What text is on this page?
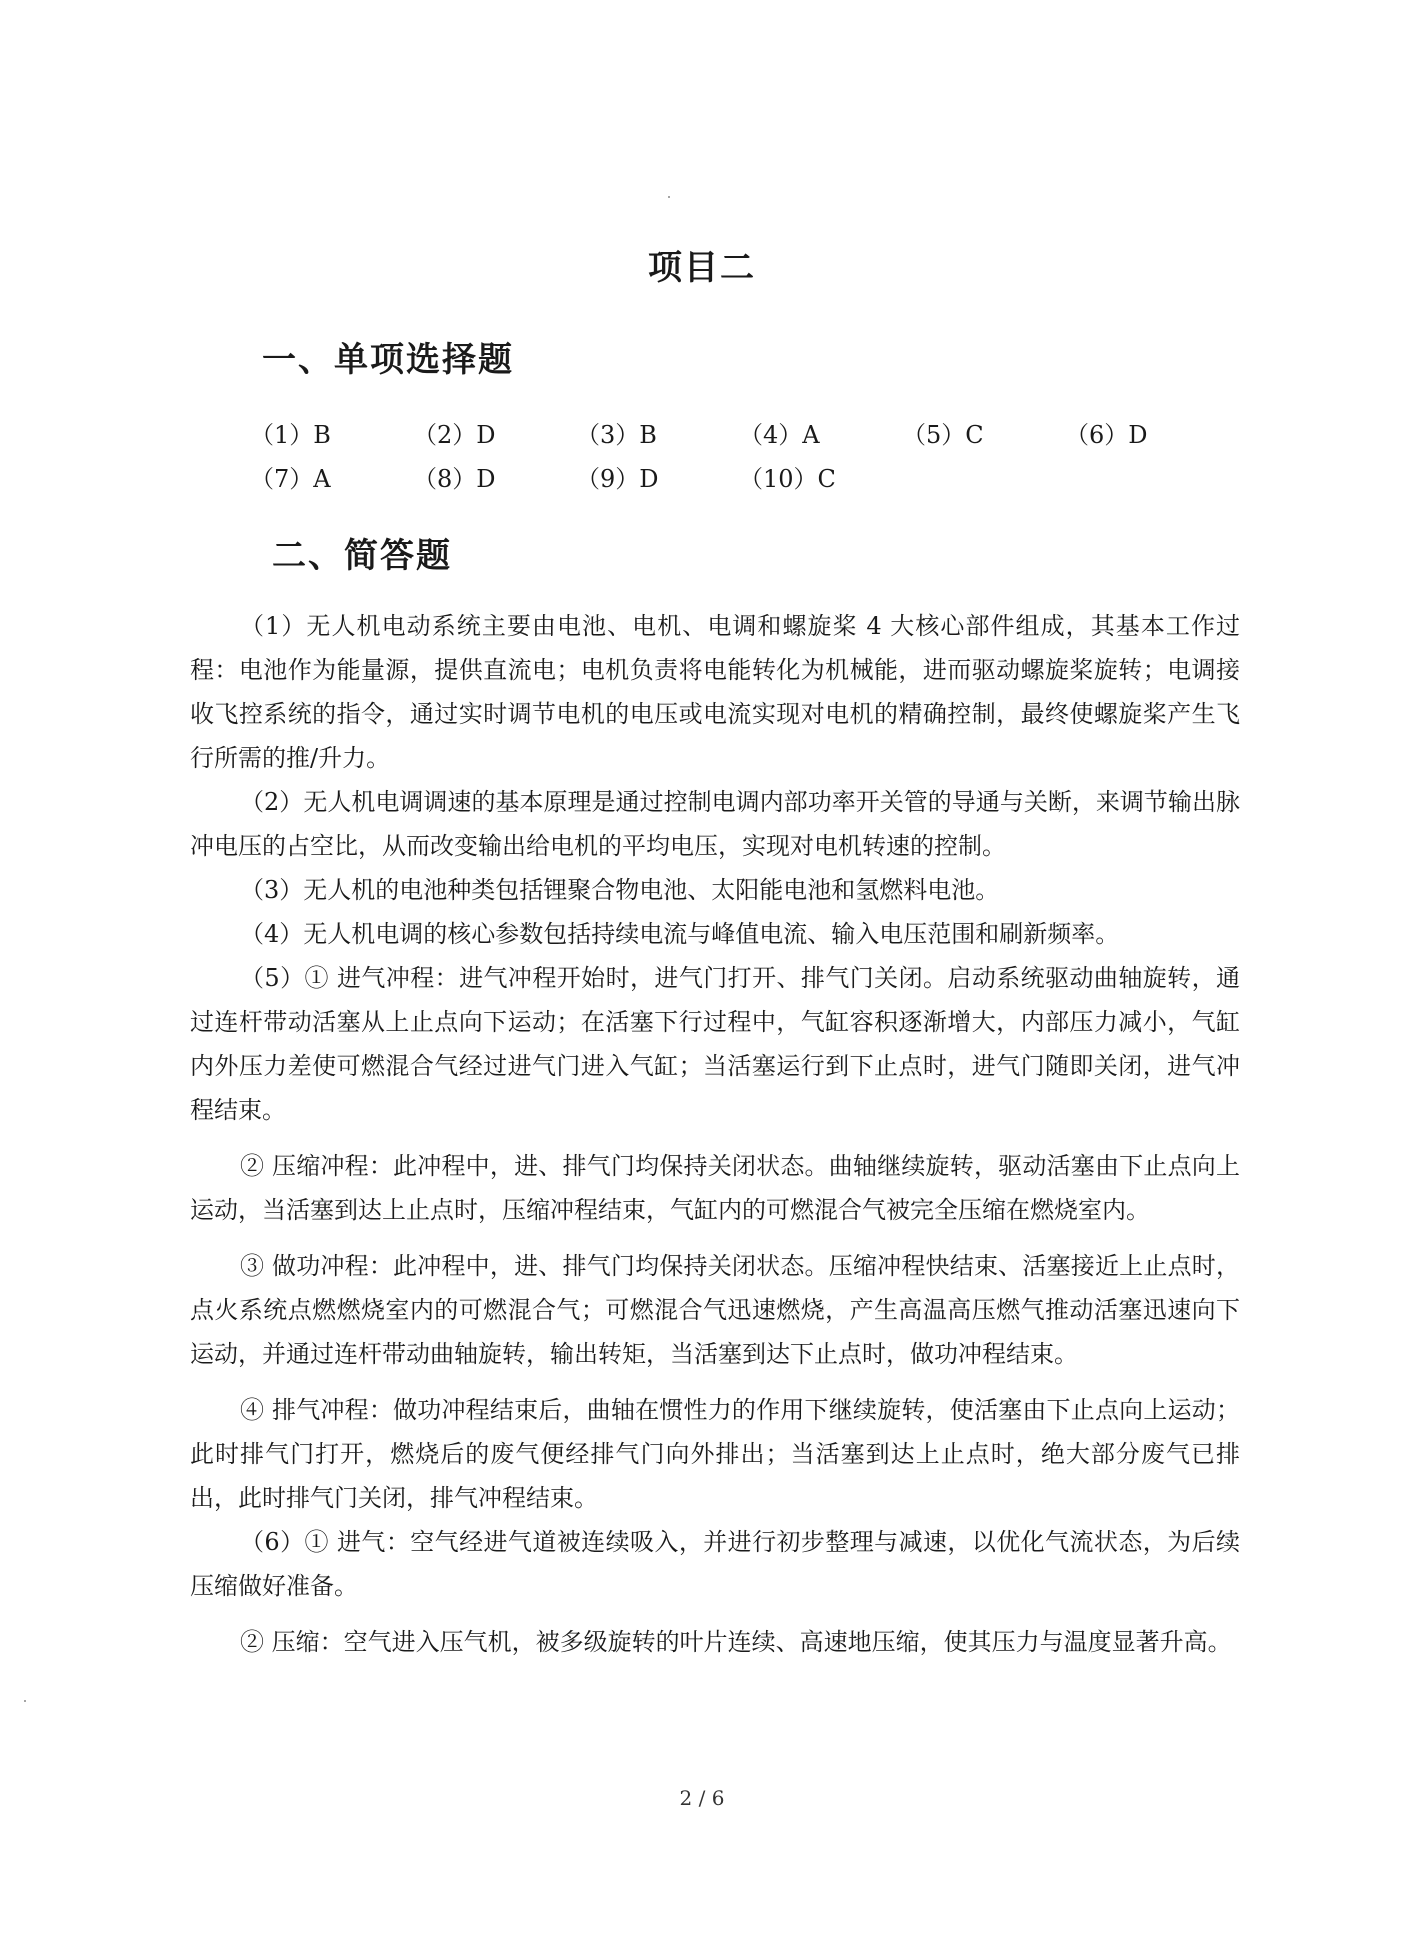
项目二
一、单项选择题
（1）B	（2）D	（3）B	（4）A	（5）C	（6）D
（7）A	（8）D	（9）D	（10）C
二、简答题

（1）无人机电动系统主要由电池、电机、电调和螺旋桨 4 大核心部件组成，其基本工作过程：电池作为能量源，提供直流电；电机负责将电能转化为机械能，进而驱动螺旋桨旋转；电调接收飞控系统的指令，通过实时调节电机的电压或电流实现对电机的精确控制，最终使螺旋桨产生飞行所需的推/升力。

（2）无人机电调调速的基本原理是通过控制电调内部功率开关管的导通与关断，来调节输出脉冲电压的占空比，从而改变输出给电机的平均电压，实现对电机转速的控制。

（3）无人机的电池种类包括锂聚合物电池、太阳能电池和氢燃料电池。

（4）无人机电调的核心参数包括持续电流与峰值电流、输入电压范围和刷新频率。

（5）① 进气冲程：进气冲程开始时，进气门打开、排气门关闭。启动系统驱动曲轴旋转，通过连杆带动活塞从上止点向下运动；在活塞下行过程中，气缸容积逐渐增大，内部压力减小，气缸内外压力差使可燃混合气经过进气门进入气缸；当活塞运行到下止点时，进气门随即关闭，进气冲程结束。

② 压缩冲程：此冲程中，进、排气门均保持关闭状态。曲轴继续旋转，驱动活塞由下止点向上运动，当活塞到达上止点时，压缩冲程结束，气缸内的可燃混合气被完全压缩在燃烧室内。

③ 做功冲程：此冲程中，进、排气门均保持关闭状态。压缩冲程快结束、活塞接近上止点时，点火系统点燃燃烧室内的可燃混合气；可燃混合气迅速燃烧，产生高温高压燃气推动活塞迅速向下运动，并通过连杆带动曲轴旋转，输出转矩，当活塞到达下止点时，做功冲程结束。

④ 排气冲程：做功冲程结束后，曲轴在惯性力的作用下继续旋转，使活塞由下止点向上运动；此时排气门打开，燃烧后的废气便经排气门向外排出；当活塞到达上止点时，绝大部分废气已排出，此时排气门关闭，排气冲程结束。

（6）① 进气：空气经进气道被连续吸入，并进行初步整理与减速，以优化气流状态，为后续压缩做好准备。

② 压缩：空气进入压气机，被多级旋转的叶片连续、高速地压缩，使其压力与温度显著升高。

2 / 6
